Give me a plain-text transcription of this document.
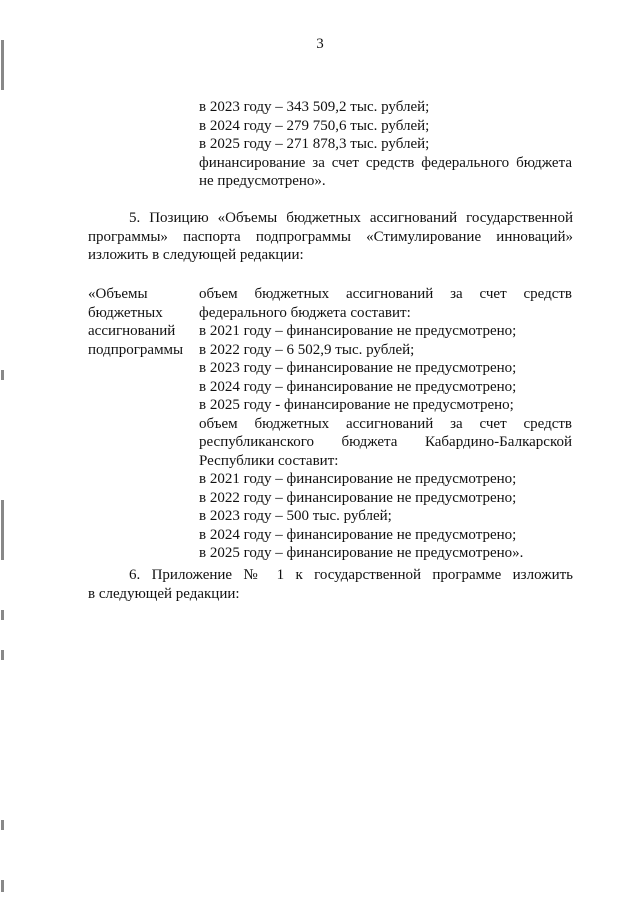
3
в 2023 году – 343 509,2 тыс. рублей;
в 2024 году – 279 750,6 тыс. рублей;
в 2025 году – 271 878,3 тыс. рублей;
финансирование за счет средств федерального бюджета
не предусмотрено».
5. Позицию «Объемы бюджетных ассигнований государственной
программы» паспорта подпрограммы «Стимулирование инноваций»
изложить в следующей редакции:
«Объемы
бюджетных
ассигнований
подпрограммы
объем бюджетных ассигнований за счет средств
федерального бюджета составит:
в 2021 году – финансирование не предусмотрено;
в 2022 году – 6 502,9 тыс. рублей;
в 2023 году – финансирование не предусмотрено;
в 2024 году – финансирование не предусмотрено;
в 2025 году - финансирование не предусмотрено;
объем бюджетных ассигнований за счет средств
республиканского бюджета Кабардино-Балкарской
Республики составит:
в 2021 году – финансирование не предусмотрено;
в 2022 году – финансирование не предусмотрено;
в 2023 году – 500 тыс. рублей;
в 2024 году – финансирование не предусмотрено;
в 2025 году – финансирование не предусмотрено».
6. Приложение № 1 к государственной программе изложить
в следующей редакции:
